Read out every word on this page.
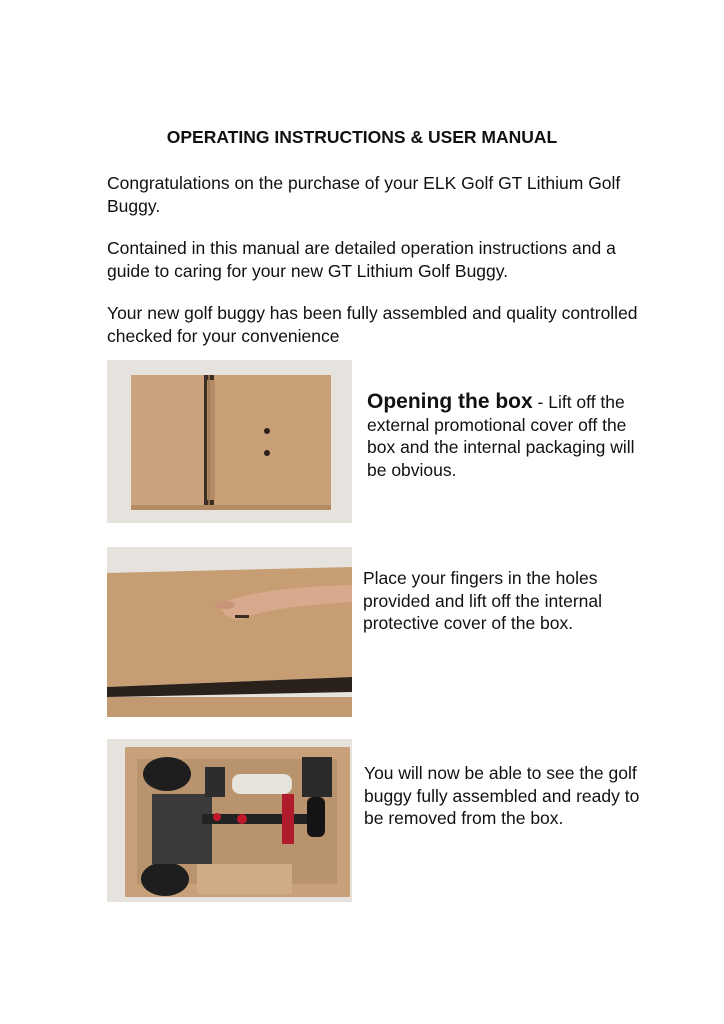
OPERATING INSTRUCTIONS & USER MANUAL
Congratulations on the purchase of your ELK Golf GT Lithium Golf Buggy.
Contained in this manual are detailed operation instructions and a guide to caring for your new GT Lithium Golf Buggy.
Your new golf buggy has been fully assembled and quality controlled checked for your convenience
Opening the box - Lift off the external promotional cover off the box and the internal packaging will be obvious.
Place your fingers in the holes provided and lift off the internal protective cover of the box.
You will now be able to see the golf buggy fully assembled and ready to be removed from the box.
